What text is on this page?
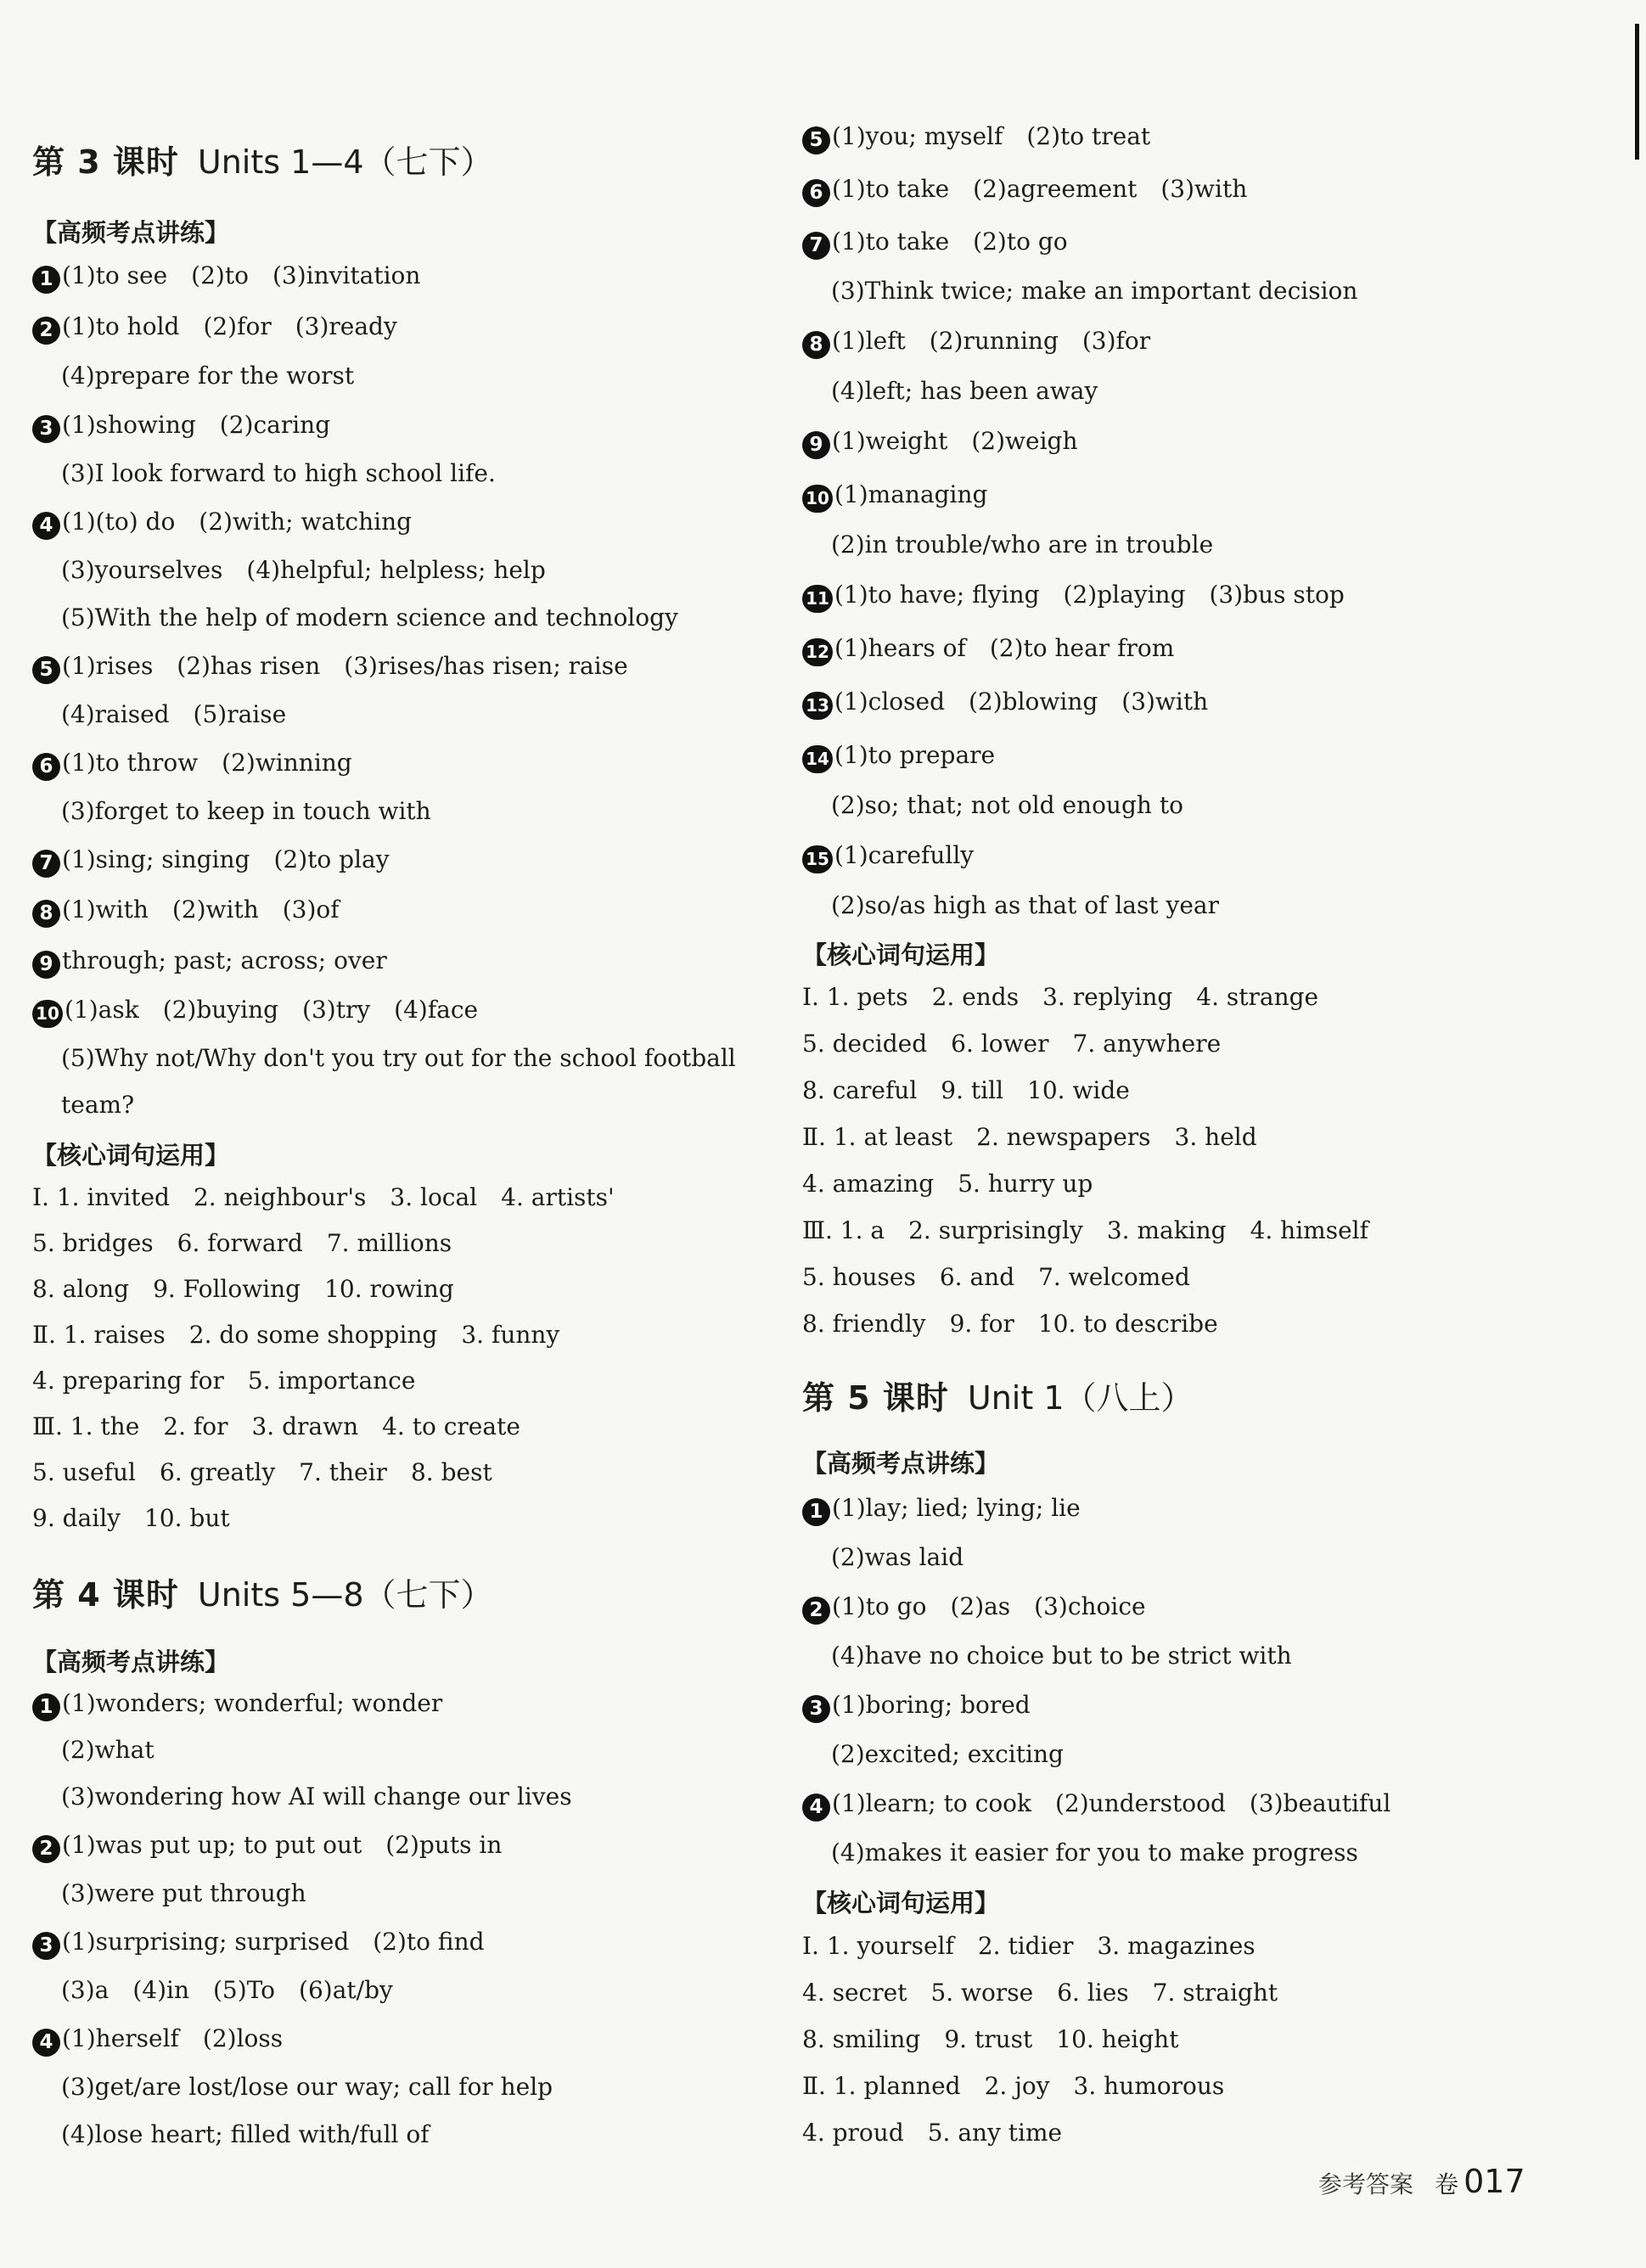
第 3 课时 Units 1—4（七下）
【高频考点讲练】
1 (1)to see　(2)to　(3)invitation
2 (1)to hold　(2)for　(3)ready
(4)prepare for the worst
3 (1)showing　(2)caring
(3)I look forward to high school life.
4 (1)(to) do　(2)with; watching
(3)yourselves　(4)helpful; helpless; help
(5)With the help of modern science and technology
5 (1)rises　(2)has risen　(3)rises/has risen; raise
(4)raised　(5)raise
6 (1)to throw　(2)winning
(3)forget to keep in touch with
7 (1)sing; singing　(2)to play
8 (1)with　(2)with　(3)of
9 through; past; across; over
10 (1)ask　(2)buying　(3)try　(4)face
(5)Why not/Why don't you try out for the school football
team?
【核心词句运用】
Ⅰ. 1. invited　2. neighbour's　3. local　4. artists'
5. bridges　6. forward　7. millions
8. along　9. Following　10. rowing
Ⅱ. 1. raises　2. do some shopping　3. funny
4. preparing for　5. importance
Ⅲ. 1. the　2. for　3. drawn　4. to create
5. useful　6. greatly　7. their　8. best
9. daily　10. but
第 4 课时 Units 5—8（七下）
【高频考点讲练】
1 (1)wonders; wonderful; wonder
(2)what
(3)wondering how AI will change our lives
2 (1)was put up; to put out　(2)puts in
(3)were put through
3 (1)surprising; surprised　(2)to find
(3)a　(4)in　(5)To　(6)at/by
4 (1)herself　(2)loss
(3)get/are lost/lose our way; call for help
(4)lose heart; filled with/full of
5 (1)you; myself　(2)to treat
6 (1)to take　(2)agreement　(3)with
7 (1)to take　(2)to go
(3)Think twice; make an important decision
8 (1)left　(2)running　(3)for
(4)left; has been away
9 (1)weight　(2)weigh
10 (1)managing
(2)in trouble/who are in trouble
11 (1)to have; flying　(2)playing　(3)bus stop
12 (1)hears of　(2)to hear from
13 (1)closed　(2)blowing　(3)with
14 (1)to prepare
(2)so; that; not old enough to
15 (1)carefully
(2)so/as high as that of last year
【核心词句运用】
Ⅰ. 1. pets　2. ends　3. replying　4. strange
5. decided　6. lower　7. anywhere
8. careful　9. till　10. wide
Ⅱ. 1. at least　2. newspapers　3. held
4. amazing　5. hurry up
Ⅲ. 1. a　2. surprisingly　3. making　4. himself
5. houses　6. and　7. welcomed
8. friendly　9. for　10. to describe
第 5 课时 Unit 1（八上）
【高频考点讲练】
1 (1)lay; lied; lying; lie
(2)was laid
2 (1)to go　(2)as　(3)choice
(4)have no choice but to be strict with
3 (1)boring; bored
(2)excited; exciting
4 (1)learn; to cook　(2)understood　(3)beautiful
(4)makes it easier for you to make progress
【核心词句运用】
Ⅰ. 1. yourself　2. tidier　3. magazines
4. secret　5. worse　6. lies　7. straight
8. smiling　9. trust　10. height
Ⅱ. 1. planned　2. joy　3. humorous
4. proud　5. any time
参考答案 卷 017
